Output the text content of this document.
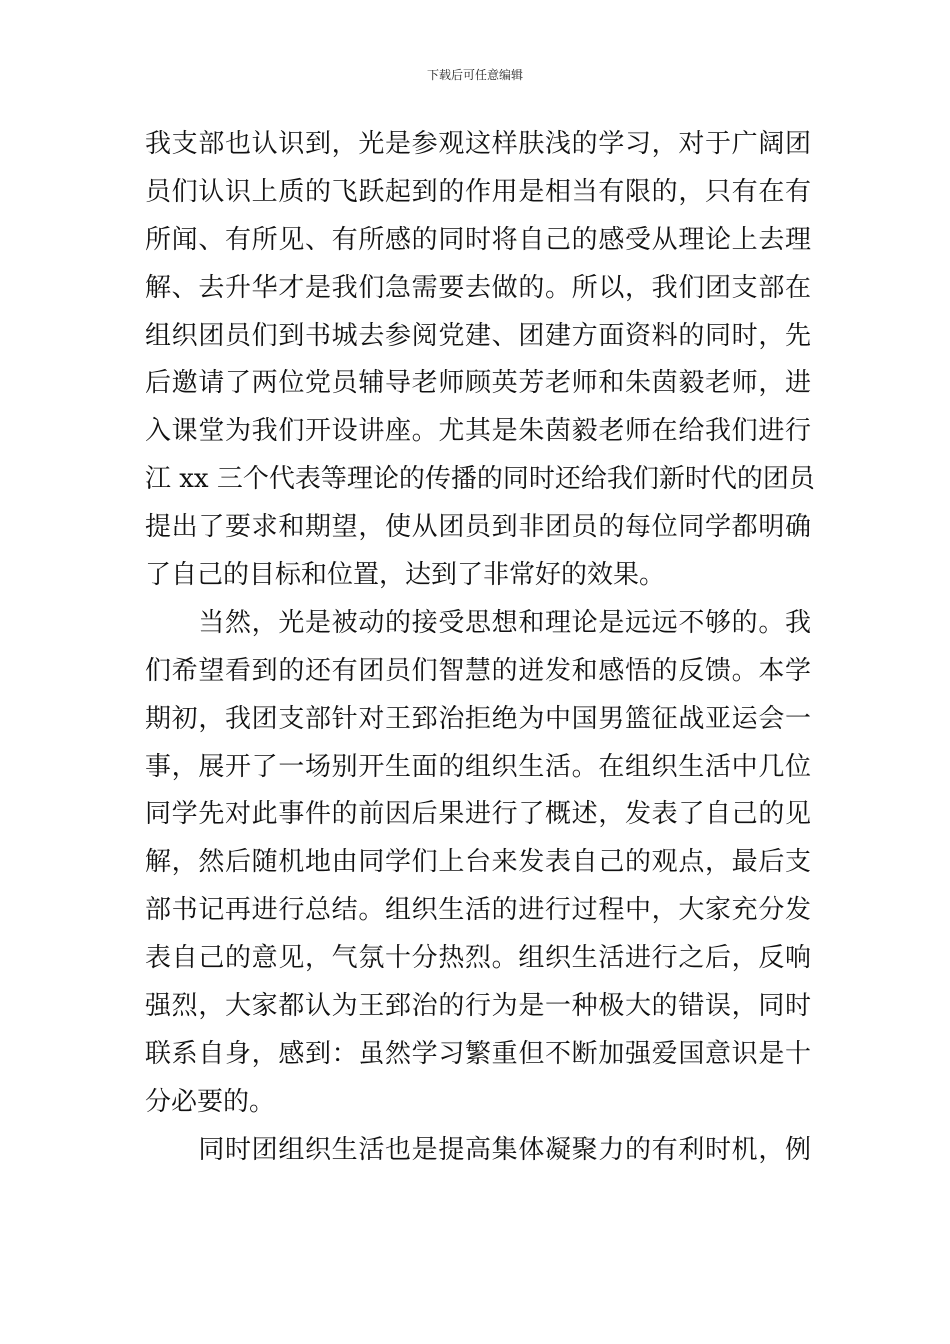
下载后可任意编辑
我支部也认识到，光是参观这样肤浅的学习，对于广阔团
员们认识上质的飞跃起到的作用是相当有限的，只有在有
所闻、有所见、有所感的同时将自己的感受从理论上去理
解、去升华才是我们急需要去做的。所以，我们团支部在
组织团员们到书城去参阅党建、团建方面资料的同时，先
后邀请了两位党员辅导老师顾英芳老师和朱茵毅老师，进
入课堂为我们开设讲座。尤其是朱茵毅老师在给我们进行
江 xx 三个代表等理论的传播的同时还给我们新时代的团员
提出了要求和期望，使从团员到非团员的每位同学都明确
了自己的目标和位置，达到了非常好的效果。
　　当然，光是被动的接受思想和理论是远远不够的。我
们希望看到的还有团员们智慧的迸发和感悟的反馈。本学
期初，我团支部针对王郅治拒绝为中国男篮征战亚运会一
事，展开了一场别开生面的组织生活。在组织生活中几位
同学先对此事件的前因后果进行了概述，发表了自己的见
解，然后随机地由同学们上台来发表自己的观点，最后支
部书记再进行总结。组织生活的进行过程中，大家充分发
表自己的意见，气氛十分热烈。组织生活进行之后，反响
强烈，大家都认为王郅治的行为是一种极大的错误，同时
联系自身，感到：虽然学习繁重但不断加强爱国意识是十
分必要的。
　　同时团组织生活也是提高集体凝聚力的有利时机，例
